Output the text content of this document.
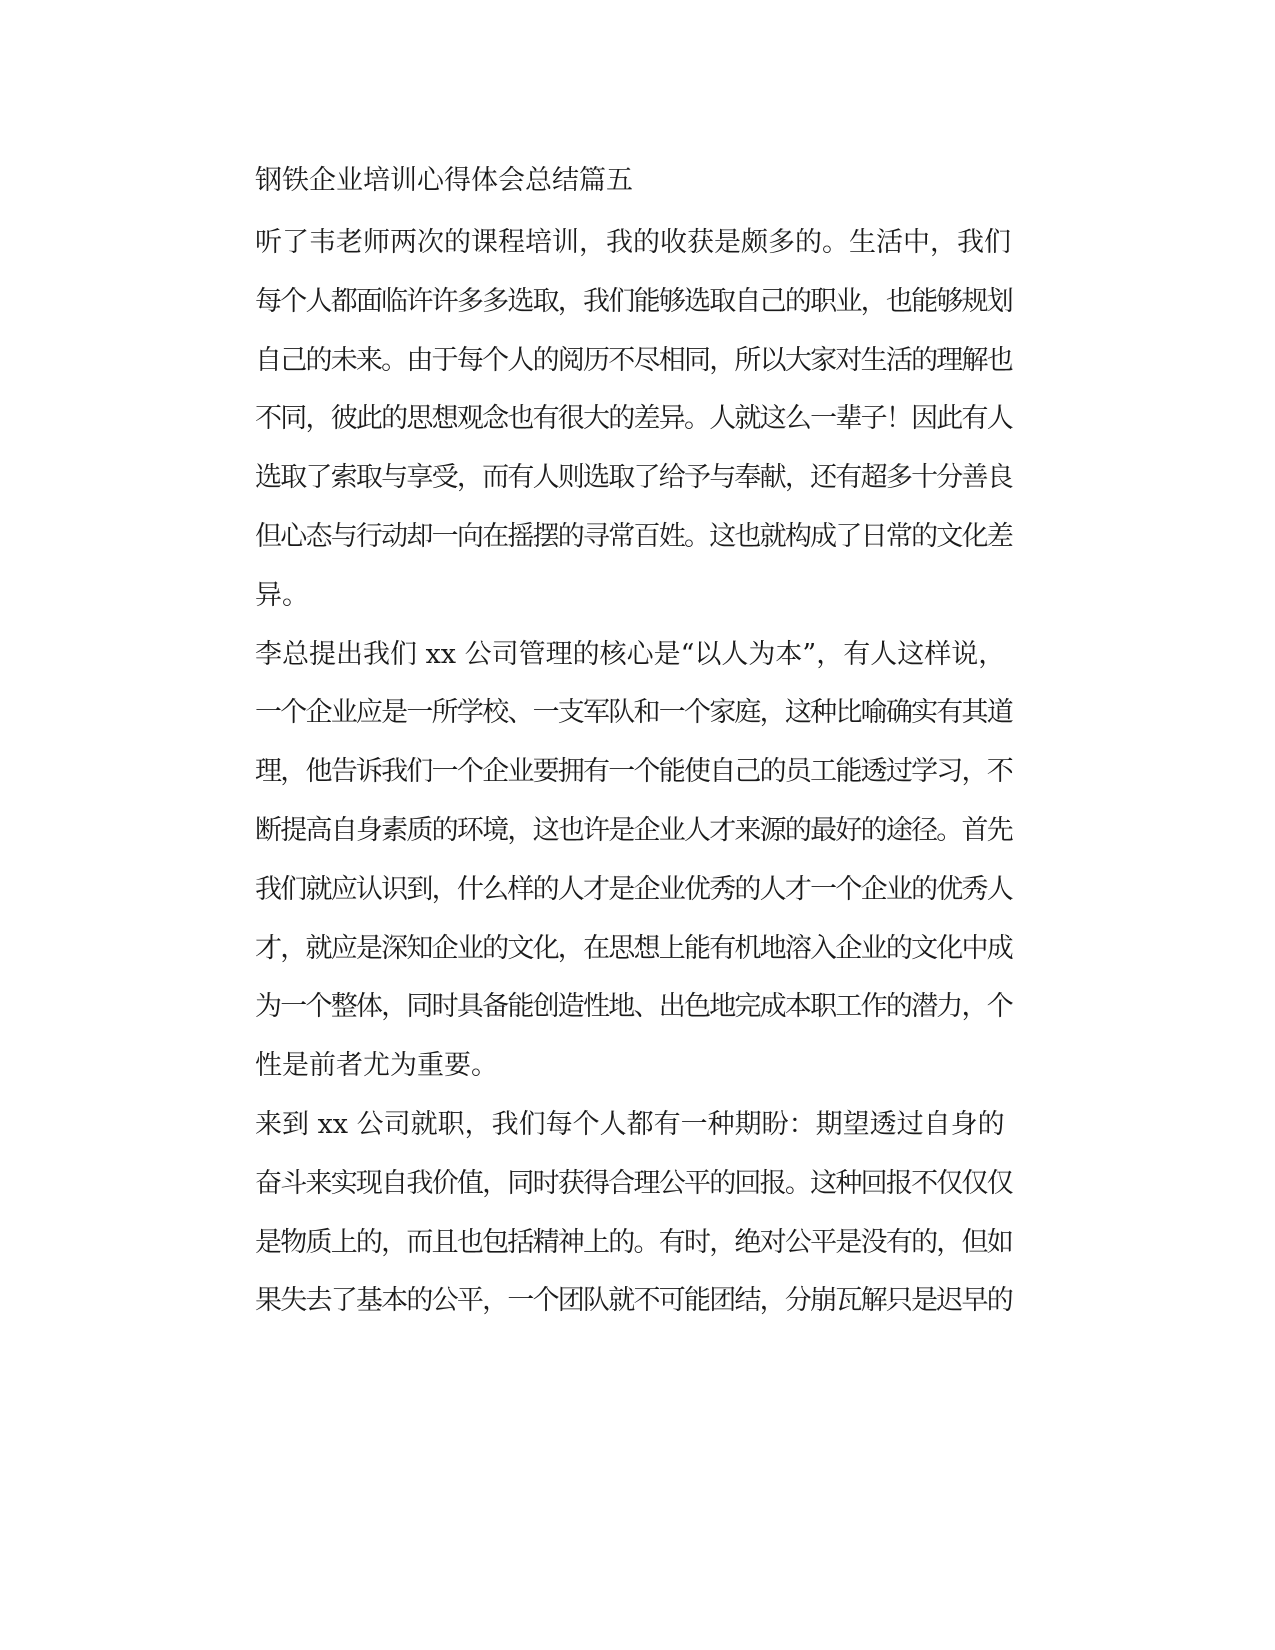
钢铁企业培训心得体会总结篇五

听了韦老师两次的课程培训，我的收获是颇多的。生活中，我们
每个人都面临许许多多选取，我们能够选取自己的职业，也能够规划
自己的未来。由于每个人的阅历不尽相同，所以大家对生活的理解也
不同，彼此的思想观念也有很大的差异。人就这么一辈子！因此有人
选取了索取与享受，而有人则选取了给予与奉献，还有超多十分善良
但心态与行动却一向在摇摆的寻常百姓。这也就构成了日常的文化差
异。

李总提出我们 xx 公司管理的核心是“以人为本”，有人这样说，
一个企业应是一所学校、一支军队和一个家庭，这种比喻确实有其道
理，他告诉我们一个企业要拥有一个能使自己的员工能透过学习，不
断提高自身素质的环境，这也许是企业人才来源的最好的途径。首先
我们就应认识到，什么样的人才是企业优秀的人才一个企业的优秀人
才，就应是深知企业的文化，在思想上能有机地溶入企业的文化中成
为一个整体，同时具备能创造性地、出色地完成本职工作的潜力，个
性是前者尤为重要。

来到 xx 公司就职，我们每个人都有一种期盼：期望透过自身的
奋斗来实现自我价值，同时获得合理公平的回报。这种回报不仅仅仅
是物质上的，而且也包括精神上的。有时，绝对公平是没有的，但如
果失去了基本的公平，一个团队就不可能团结，分崩瓦解只是迟早的
